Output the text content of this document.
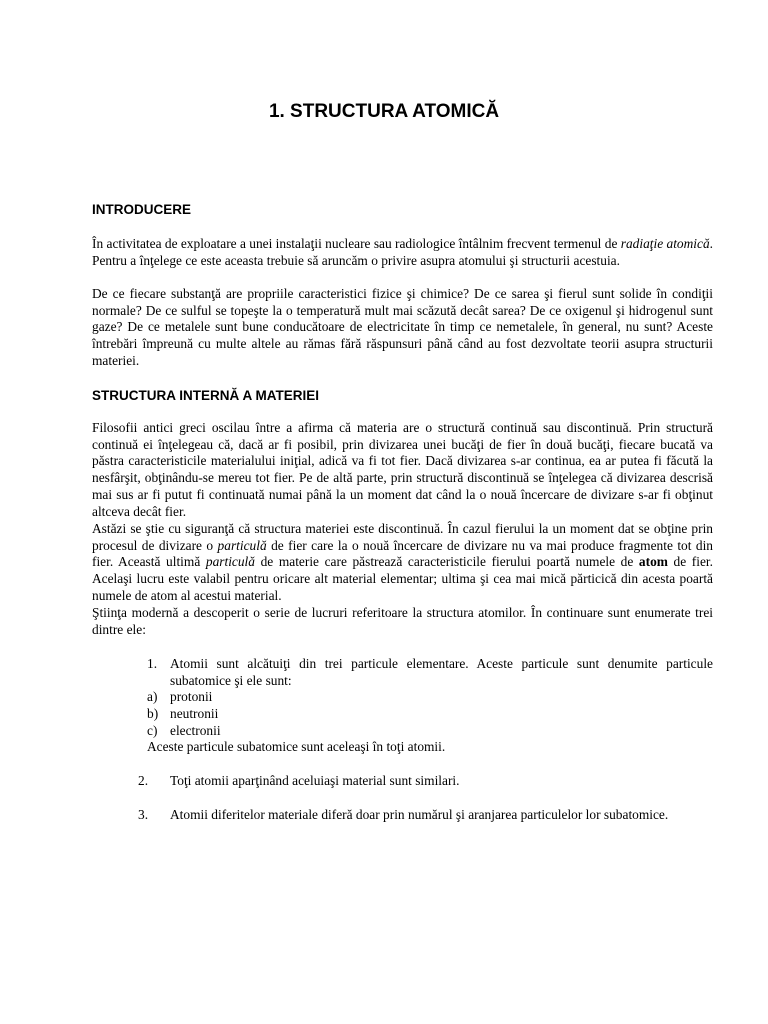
1. STRUCTURA ATOMICĂ
INTRODUCERE

În activitatea de exploatare a unei instalaţii nucleare sau radiologice întâlnim frecvent termenul de radiaţie atomică. Pentru a înţelege ce este aceasta trebuie să aruncăm o privire asupra atomului şi structurii acestuia.

De ce fiecare substanţă are propriile caracteristici fizice şi chimice? De ce sarea şi fierul sunt solide în condiţii normale? De ce sulful se topeşte la o temperatură mult mai scăzută decât sarea? De ce oxigenul şi hidrogenul sunt gaze? De ce metalele sunt bune conducătoare de electricitate în timp ce nemetalele, în general, nu sunt? Aceste întrebări împreună cu multe altele au rămas fără răspunsuri până când au fost dezvoltate teorii asupra structurii materiei.

STRUCTURA INTERNĂ A MATERIEI

Filosofii antici greci oscilau între a afirma că materia are o structură continuă sau discontinuă. Prin structură continuă ei înţelegeau că, dacă ar fi posibil, prin divizarea unei bucăţi de fier în două bucăţi, fiecare bucată va păstra caracteristicile materialului iniţial, adică va fi tot fier. Dacă divizarea s-ar continua, ea ar putea fi făcută la nesfârşit, obţinându-se mereu tot fier. Pe de altă parte, prin structură discontinuă se înţelegea că divizarea descrisă mai sus ar fi putut fi continuată numai până la un moment dat când la o nouă încercare de divizare s-ar fi obţinut altceva decât fier.

Astăzi se ştie cu siguranţă că structura materiei este discontinuă. În cazul fierului la un moment dat se obţine prin procesul de divizare o particulă de fier care la o nouă încercare de divizare nu va mai produce fragmente tot din fier. Această ultimă particulă de materie care păstrează caracteristicile fierului poartă numele de atom de fier. Acelaşi lucru este valabil pentru oricare alt material elementar; ultima şi cea mai mică părticică din acesta poartă numele de atom al acestui material.

Ştiinţa modernă a descoperit o serie de lucruri referitoare la structura atomilor. În continuare sunt enumerate trei dintre ele:

1. Atomii sunt alcătuiţi din trei particule elementare. Aceste particule sunt denumite particule subatomice şi ele sunt:

a) protonii
b) neutronii
c) electronii
Aceste particule subatomice sunt aceleaşi în toţi atomii.
2. Toţi atomii aparţinând aceluiaşi material sunt similari.

3. Atomii diferitelor materiale diferă doar prin numărul şi aranjarea particulelor lor subatomice.
